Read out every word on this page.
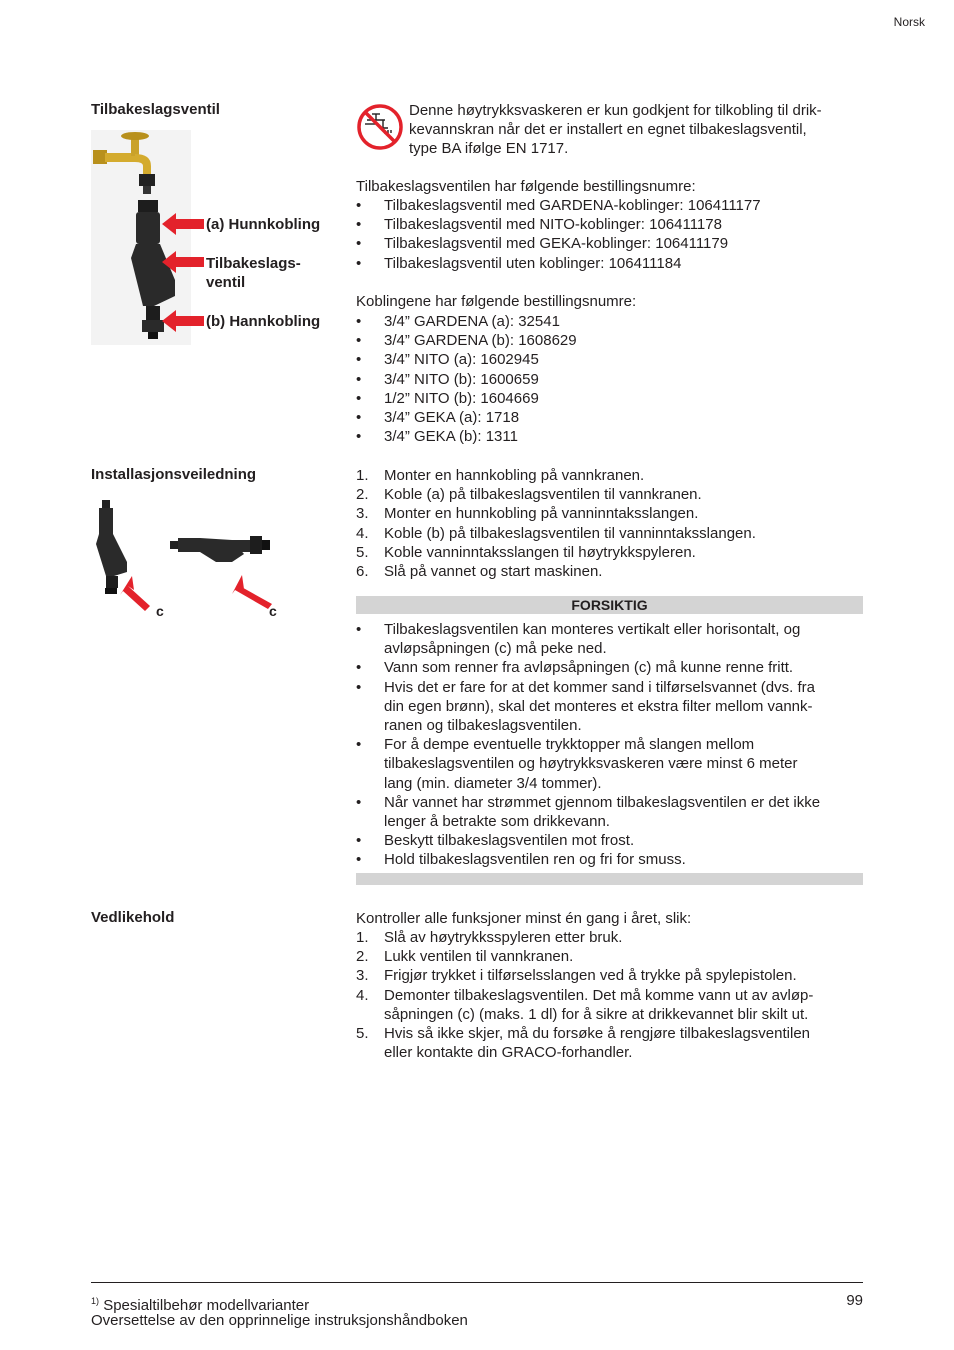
Norsk
Tilbakeslagsventil
(a) Hunnkobling
Tilbakeslags-
ventil
(b) Hannkobling
Denne høytrykksvaskeren er kun godkjent for tilkobling til drik-
kevannskran når det er installert en egnet tilbakeslagsventil,
type BA ifølge EN 1717.
Tilbakeslagsventilen har følgende bestillingsnumre:
• Tilbakeslagsventil med GARDENA-koblinger: 106411177
• Tilbakeslagsventil med NITO-koblinger: 106411178
• Tilbakeslagsventil med GEKA-koblinger: 106411179
• Tilbakeslagsventil uten koblinger: 106411184
Koblingene har følgende bestillingsnumre:
• 3/4” GARDENA (a): 32541
• 3/4” GARDENA (b): 1608629
• 3/4” NITO (a): 1602945
• 3/4” NITO (b): 1600659
• 1/2” NITO (b): 1604669
• 3/4” GEKA (a): 1718
• 3/4” GEKA (b): 1311
Installasjonsveiledning
c	c
1. Monter en hannkobling på vannkranen.
2. Koble (a) på tilbakeslagsventilen til vannkranen.
3. Monter en hunnkobling på vanninntaksslangen.
4. Koble (b) på tilbakeslagsventilen til vanninntaksslangen.
5. Koble vanninntaksslangen til høytrykkspyleren.
6. Slå på vannet og start maskinen.
FORSIKTIG
• Tilbakeslagsventilen kan monteres vertikalt eller horisontalt, og
avløpsåpningen (c) må peke ned.
• Vann som renner fra avløpsåpningen (c) må kunne renne fritt.
• Hvis det er fare for at det kommer sand i tilførselsvannet (dvs. fra
din egen brønn), skal det monteres et ekstra filter mellom vannk-
ranen og tilbakeslagsventilen.
• For å dempe eventuelle trykktopper må slangen mellom
tilbakeslagsventilen og høytrykksvaskeren være minst 6 meter
lang (min. diameter 3/4 tommer).
• Når vannet har strømmet gjennom tilbakeslagsventilen er det ikke
lenger å betrakte som drikkevann.
• Beskytt tilbakeslagsventilen mot frost.
• Hold tilbakeslagsventilen ren og fri for smuss.
Vedlikehold	Kontroller alle funksjoner minst én gang i året, slik:
1. Slå av høytrykksspyleren etter bruk.
2. Lukk ventilen til vannkranen.
3. Frigjør trykket i tilførselsslangen ved å trykke på spylepistolen.
4. Demonter tilbakeslagsventilen. Det må komme vann ut av avløp-
såpningen (c) (maks. 1 dl) for å sikre at drikkevannet blir skilt ut.
5. Hvis så ikke skjer, må du forsøke å rengjøre tilbakeslagsventilen
eller kontakte din GRACO-forhandler.
$^{1)}$ Spesialtilbehør modellvarianter	99
Oversettelse av den opprinnelige instruksjonshåndboken
